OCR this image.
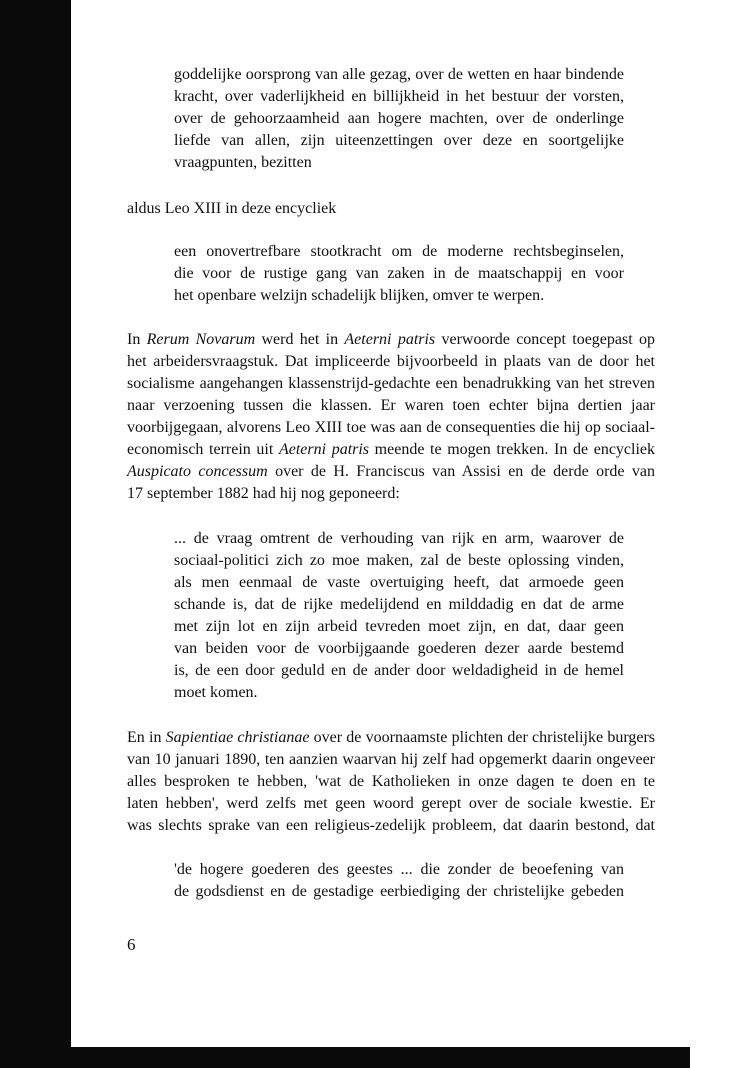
goddelijke oorsprong van alle gezag, over de wetten en haar bindende
kracht, over vaderlijkheid en billijkheid in het bestuur der vorsten,
over de gehoorzaamheid aan hogere machten, over de onderlinge
liefde van allen, zijn uiteenzettingen over deze en soortgelijke
vraagpunten, bezitten

aldus Leo XIII in deze encycliek

een onovertrefbare stootkracht om de moderne rechtsbeginselen,
die voor de rustige gang van zaken in de maatschappij en voor
het openbare welzijn schadelijk blijken, omver te werpen.
In Rerum Novarum werd het in Aeterni patris verwoorde concept toegepast op
het arbeidersvraagstuk. Dat impliceerde bijvoorbeeld in plaats van de door het
socialisme aangehangen klassenstrijd-gedachte een benadrukking van het streven
naar verzoening tussen die klassen. Er waren toen echter bijna dertien jaar
voorbijgegaan, alvorens Leo XIII toe was aan de consequenties die hij op sociaal-
economisch terrein uit Aeterni patris meende te mogen trekken. In de encycliek
Auspicato concessum over de H. Franciscus van Assisi en de derde orde van
17 september 1882 had hij nog geponeerd:
... de vraag omtrent de verhouding van rijk en arm, waarover de
sociaal-politici zich zo moe maken, zal de beste oplossing vinden,
als men eenmaal de vaste overtuiging heeft, dat armoede geen
schande is, dat de rijke medelijdend en milddadig en dat de arme
met zijn lot en zijn arbeid tevreden moet zijn, en dat, daar geen
van beiden voor de voorbijgaande goederen dezer aarde bestemd
is, de een door geduld en de ander door weldadigheid in de hemel
moet komen.
En in Sapientiae christianae over de voornaamste plichten der christelijke burgers
van 10 januari 1890, ten aanzien waarvan hij zelf had opgemerkt daarin ongeveer
alles besproken te hebben, 'wat de Katholieken in onze dagen te doen en te
laten hebben', werd zelfs met geen woord gerept over de sociale kwestie. Er
was slechts sprake van een religieus-zedelijk probleem, dat daarin bestond, dat
'de hogere goederen des geestes ... die zonder de beoefening van
de godsdienst en de gestadige eerbiediging der christelijke gebeden

6
